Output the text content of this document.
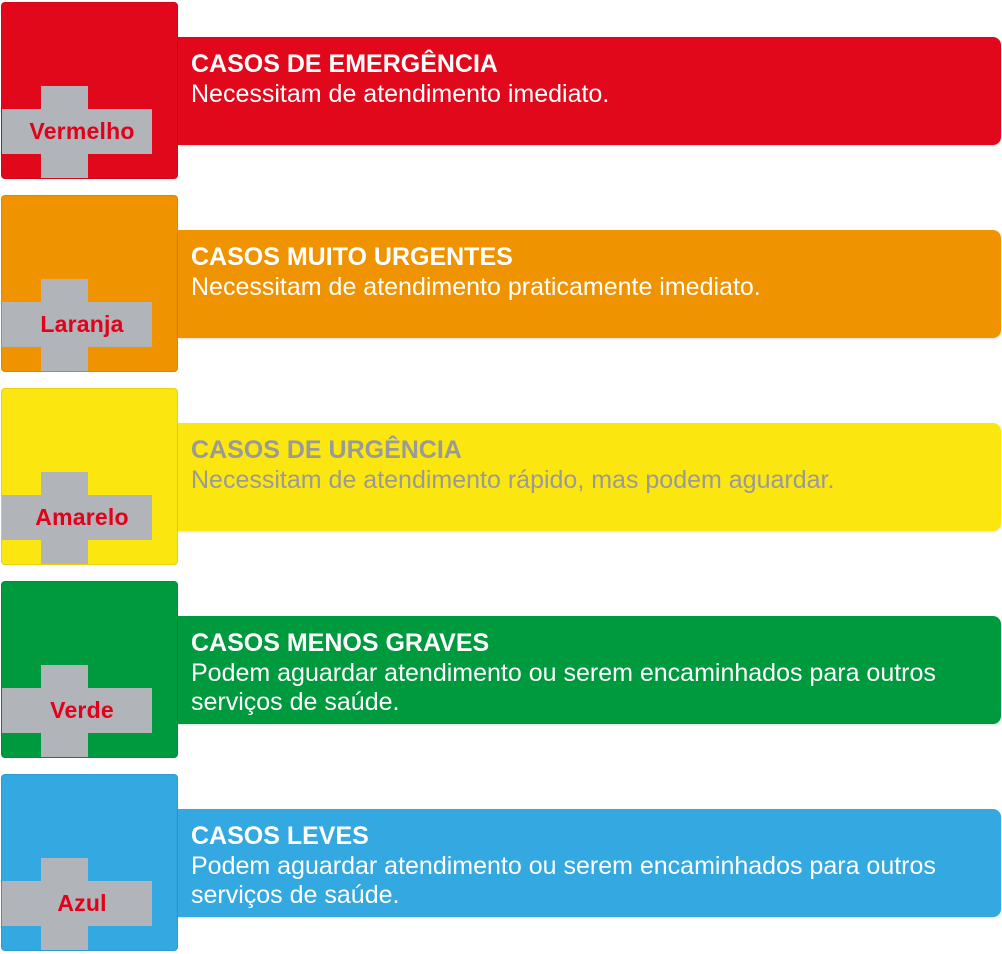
Vermelho
CASOS DE EMERGÊNCIA
Necessitam de atendimento imediato.
Laranja
CASOS MUITO URGENTES
Necessitam de atendimento praticamente imediato.
Amarelo
CASOS DE URGÊNCIA
Necessitam de atendimento rápido, mas podem aguardar.
Verde
CASOS MENOS GRAVES
Podem aguardar atendimento ou serem encaminhados para outros serviços de saúde.
Azul
CASOS LEVES
Podem aguardar atendimento ou serem encaminhados para outros serviços de saúde.
